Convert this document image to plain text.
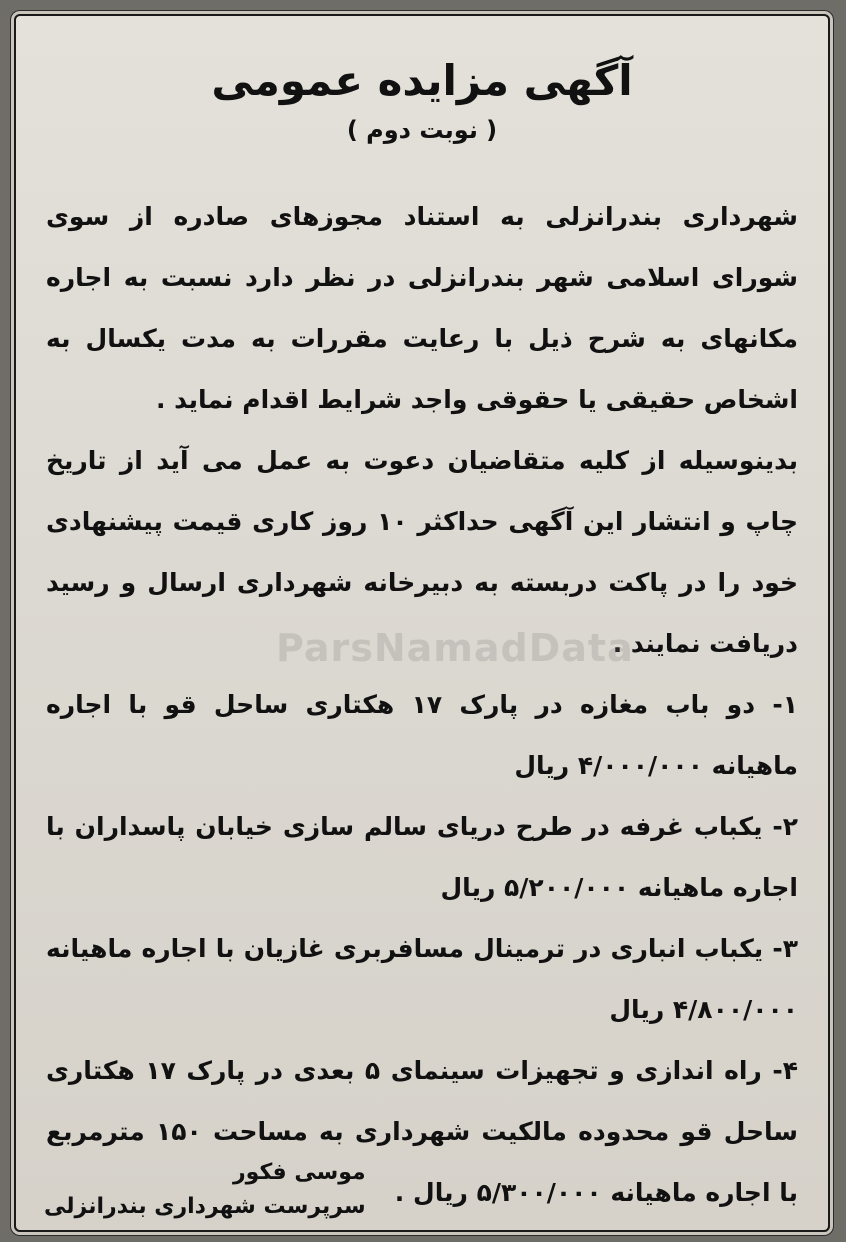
آگهی مزایده عمومی
( نوبت دوم )

شهرداری بندرانزلی به استناد مجوزهای صادره از سوی شورای اسلامی شهر بندرانزلی در نظر دارد نسبت به اجاره مکانهای به شرح ذیل با رعایت مقررات به مدت یکسال به اشخاص حقیقی یا حقوقی واجد شرایط اقدام نماید .

بدینوسیله از کلیه متقاضیان دعوت به عمل می آید از تاریخ چاپ و انتشار این آگهی حداکثر ۱۰ روز کاری قیمت پیشنهادی خود را در پاکت دربسته به دبیرخانه شهرداری ارسال و رسید دریافت نمایند .

۱- دو باب مغازه در پارک ۱۷ هکتاری ساحل قو با اجاره ماهیانه ۴/۰۰۰/۰۰۰ ریال

۲- یکباب غرفه در طرح دریای سالم سازی خیابان پاسداران با اجاره ماهیانه ۵/۲۰۰/۰۰۰ ریال

۳- یکباب انباری در ترمینال مسافربری غازیان با اجاره ماهیانه ۴/۸۰۰/۰۰۰ ریال

۴- راه اندازی و تجهیزات سینمای ۵ بعدی در پارک ۱۷ هکتاری ساحل قو محدوده مالکیت شهرداری به مساحت ۱۵۰ مترمربع با اجاره ماهیانه ۵/۳۰۰/۰۰۰ ریال .

ParsNamadData
موسی فکور
سرپرست شهرداری بندرانزلی
